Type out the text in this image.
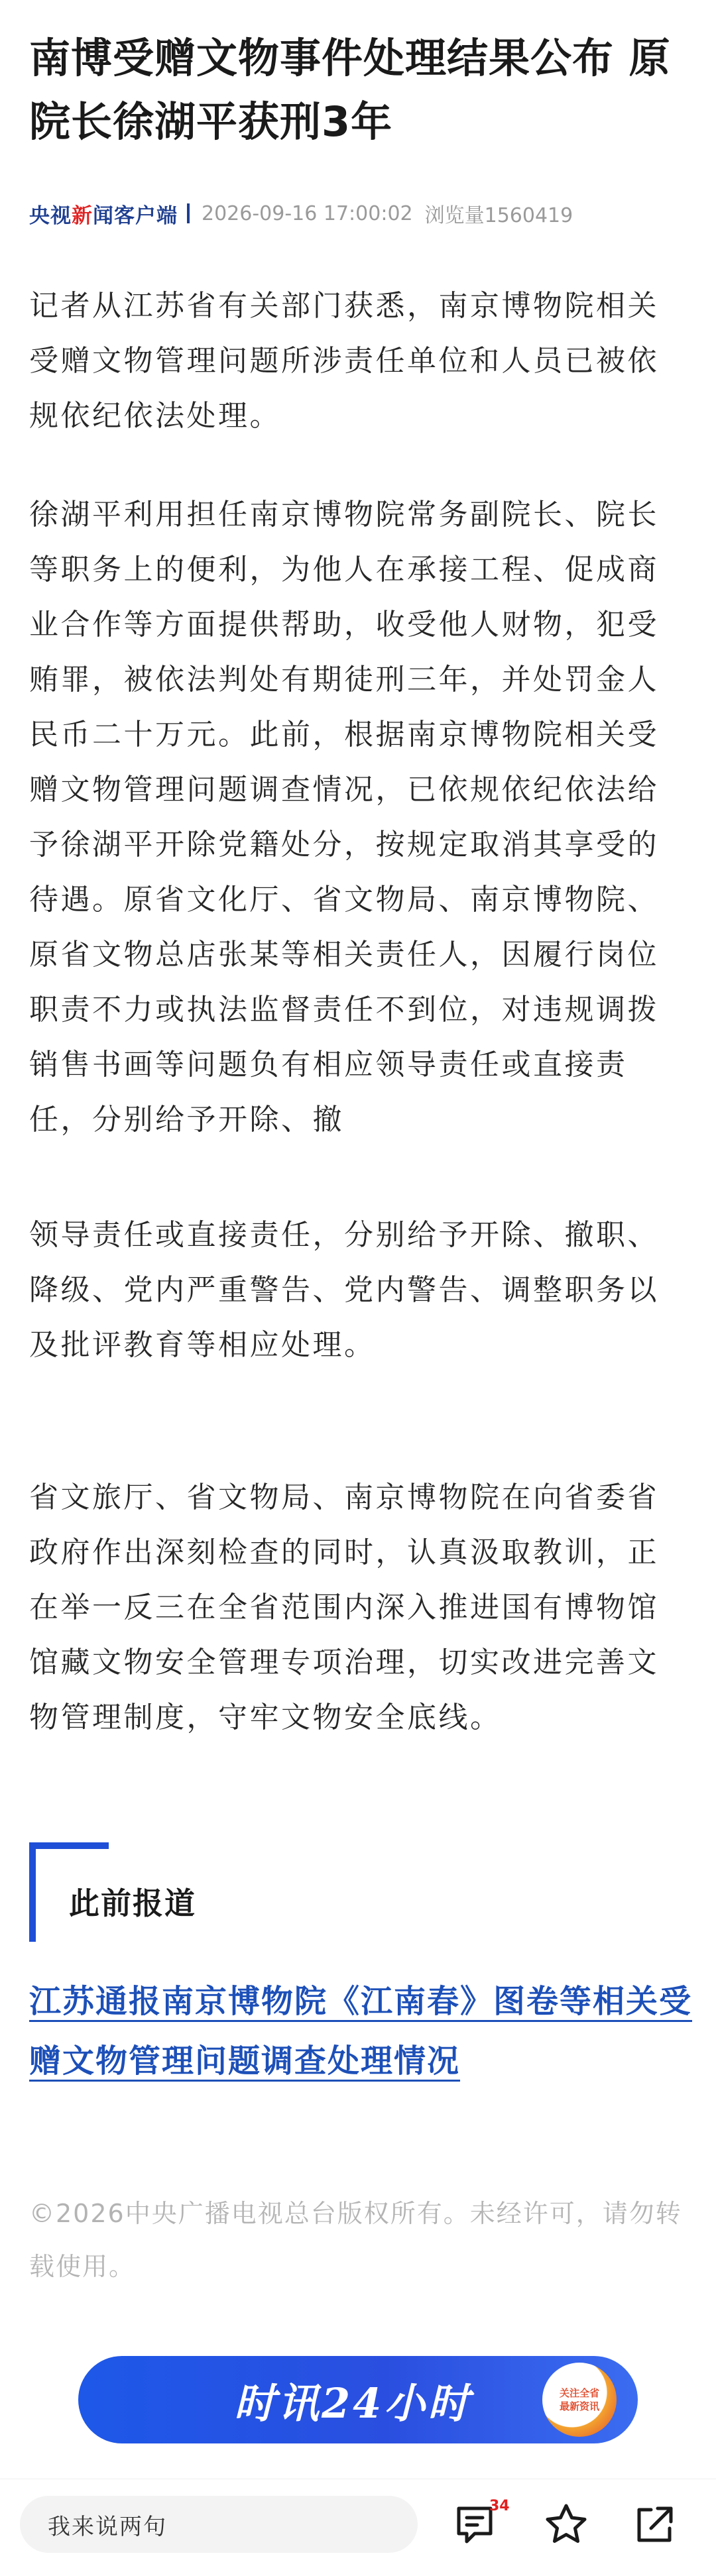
南博受赠文物事件处理结果公布 原院长徐湖平获刑3年
央视 新 闻客户端 2026-09-16 17:00:02 浏览量1560419

记者从江苏省有关部门获悉，南京博物院相关受赠文物管理问题所涉责任单位和人员已被依规依纪依法处理。

徐湖平利用担任南京博物院常务副院长、院长等职务上的便利，为他人在承接工程、促成商业合作等方面提供帮助，收受他人财物，犯受贿罪，被依法判处有期徒刑三年，并处罚金人民币二十万元。此前，根据南京博物院相关受赠文物管理问题调查情况，已依规依纪依法给予徐湖平开除党籍处分，按规定取消其享受的待遇。原省文化厅、省文物局、南京博物院、原省文物总店张某等相关责任人，因履行岗位职责不力或执法监督责任不到位，对违规调拨销售书画等问题负有相应领导责任或直接责任，分别给予开除、撤

领导责任或直接责任，分别给予开除、撤职、降级、党内严重警告、党内警告、调整职务以及批评教育等相应处理。

省文旅厅、省文物局、南京博物院在向省委省政府作出深刻检查的同时，认真汲取教训，正在举一反三在全省范围内深入推进国有博物馆馆藏文物安全管理专项治理，切实改进完善文物管理制度，守牢文物安全底线。

此前报道
江苏通报南京博物院《江南春》图卷等相关受赠文物管理问题调查处理情况
©2026中央广播电视总台版权所有。未经许可，请勿转载使用。
时讯24小时	关注全省
最新资讯
我来说两句
34
